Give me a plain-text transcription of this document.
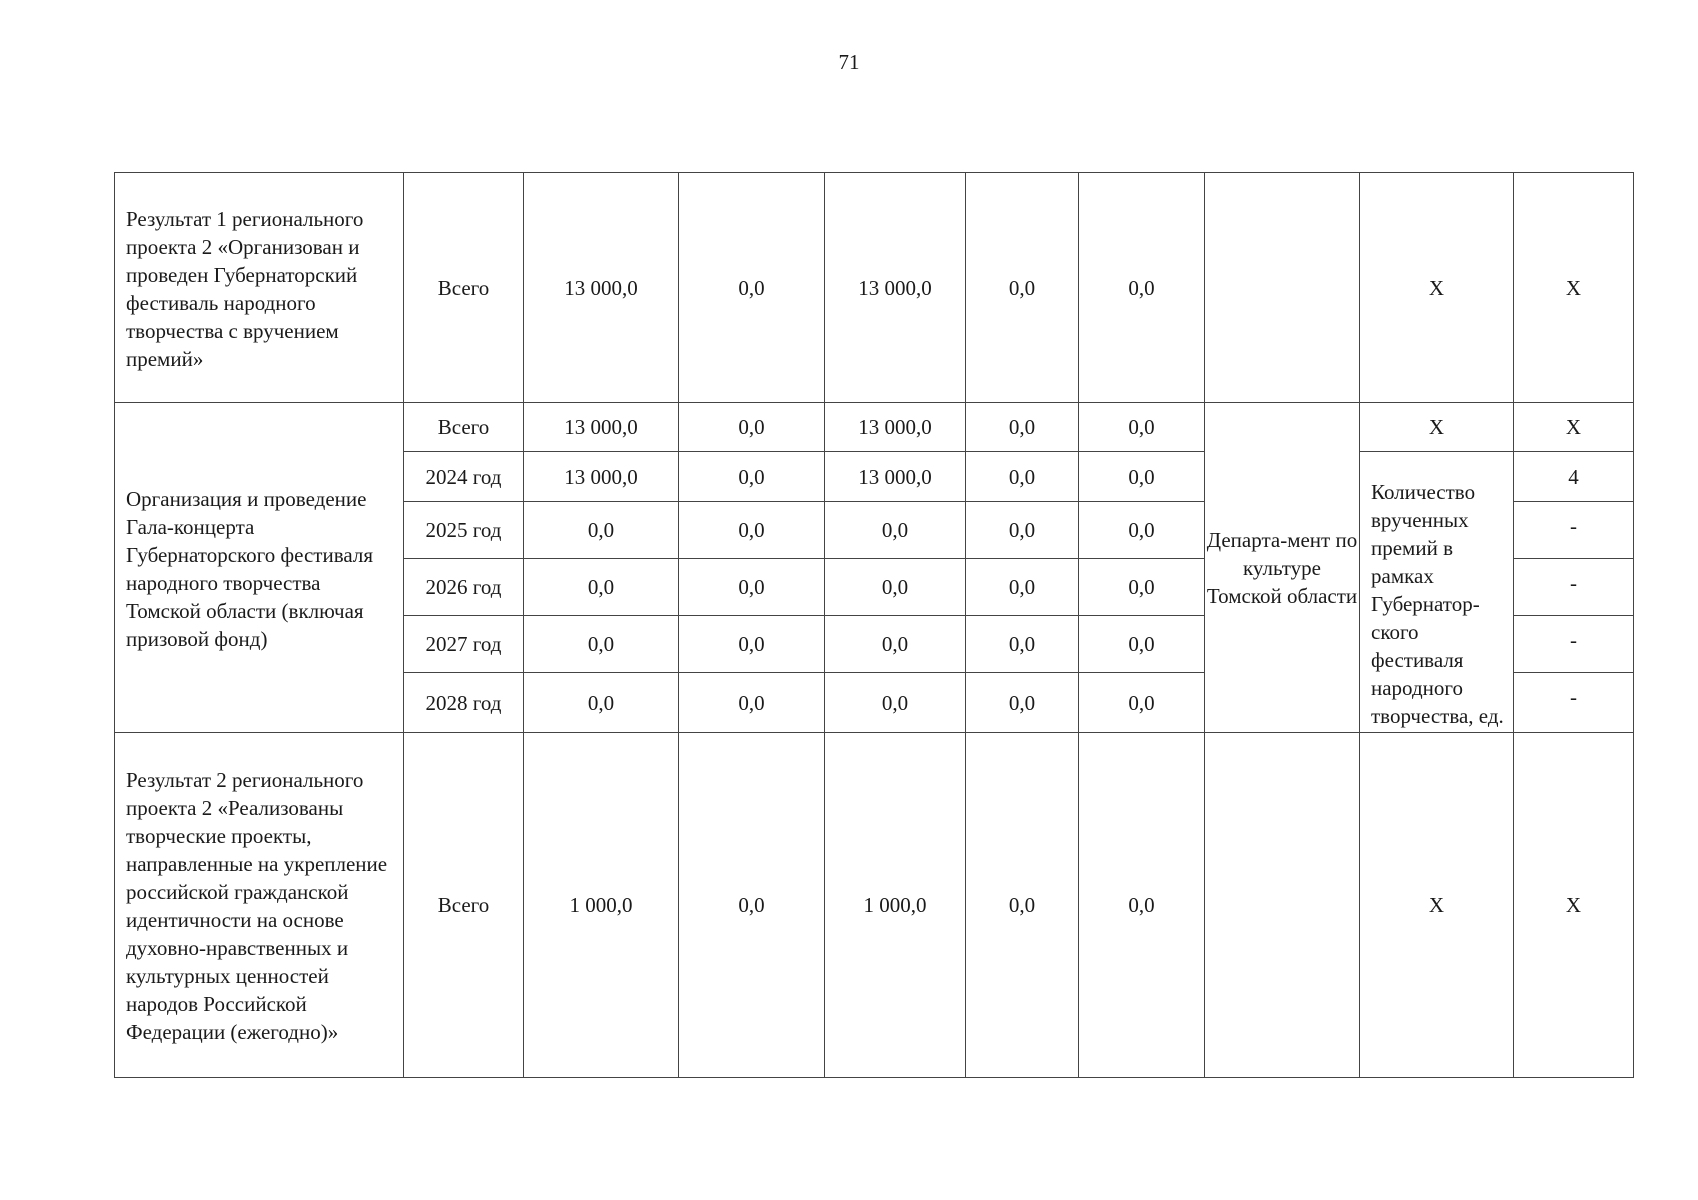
71
Результат 1 регионального проекта 2 «Организован и проведен Губернаторский фестиваль народного творчества с вручением премий»	Всего	13 000,0	0,0	13 000,0	0,0	0,0		Х	Х
Организация и проведение Гала-концерта Губернаторского фестиваля народного творчества Томской области (включая призовой фонд)	Всего	13 000,0	0,0	13 000,0	0,0	0,0	Департа-мент по культуре Томской области	Х	Х
	2024 год	13 000,0	0,0	13 000,0	0,0	0,0		Количество врученных премий в рамках Губернатор-ского фестиваля народного творчества, ед.	4
	2025 год	0,0	0,0	0,0	0,0	0,0			-
	2026 год	0,0	0,0	0,0	0,0	0,0			-
	2027 год	0,0	0,0	0,0	0,0	0,0			-
	2028 год	0,0	0,0	0,0	0,0	0,0			-
Результат 2 регионального проекта 2 «Реализованы творческие проекты, направленные на укрепление российской гражданской идентичности на основе духовно-нравственных и культурных ценностей народов Российской Федерации (ежегодно)»	Всего	1 000,0	0,0	1 000,0	0,0	0,0		Х	Х
